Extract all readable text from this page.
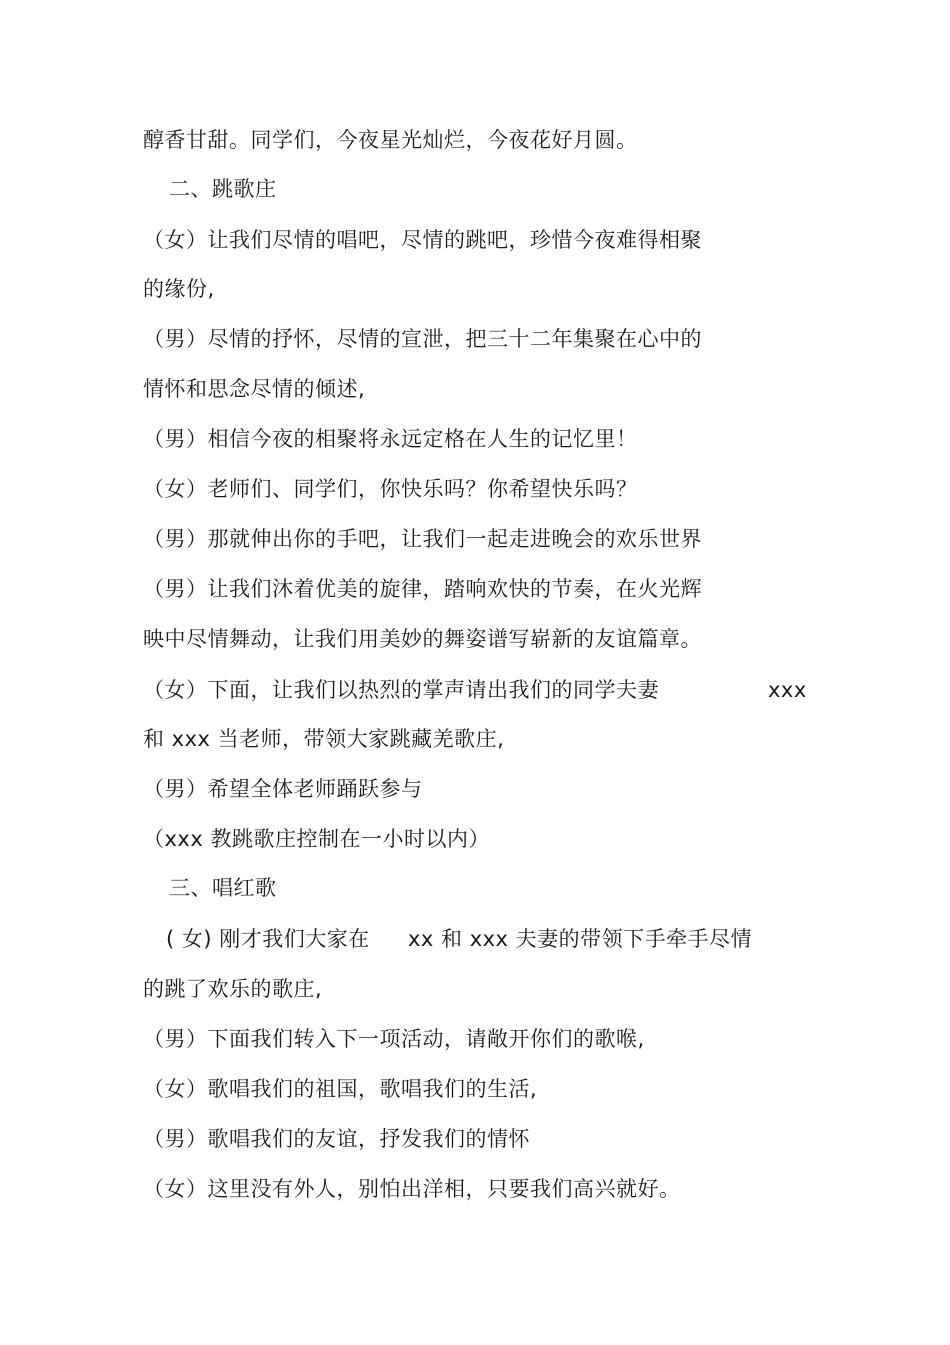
醇香甘甜。同学们，今夜星光灿烂，今夜花好月圆。
二、跳歌庄
（女）让我们尽情的唱吧，尽情的跳吧，珍惜今夜难得相聚
的缘份,
（男）尽情的抒怀，尽情的宣泄，把三十二年集聚在心中的
情怀和思念尽情的倾述,
（男）相信今夜的相聚将永远定格在人生的记忆里！
（女）老师们、同学们，你快乐吗？你希望快乐吗？
（男）那就伸出你的手吧，让我们一起走进晚会的欢乐世界
（男）让我们沐着优美的旋律，踏响欢快的节奏，在火光辉
映中尽情舞动，让我们用美妙的舞姿谱写崭新的友谊篇章。
（女）下面，让我们以热烈的掌声请出我们的同学夫妻	xxx
和 xxx 当老师，带领大家跳藏羌歌庄,
（男）希望全体老师踊跃参与
（xxx 教跳歌庄控制在一小时以内）
三、唱红歌
( 女) 刚才我们大家在 xx 和 xxx 夫妻的带领下手牵手尽情
的跳了欢乐的歌庄,
（男）下面我们转入下一项活动，请敞开你们的歌喉,
（女）歌唱我们的祖国，歌唱我们的生活,
（男）歌唱我们的友谊，抒发我们的情怀
（女）这里没有外人，别怕出洋相，只要我们高兴就好。
